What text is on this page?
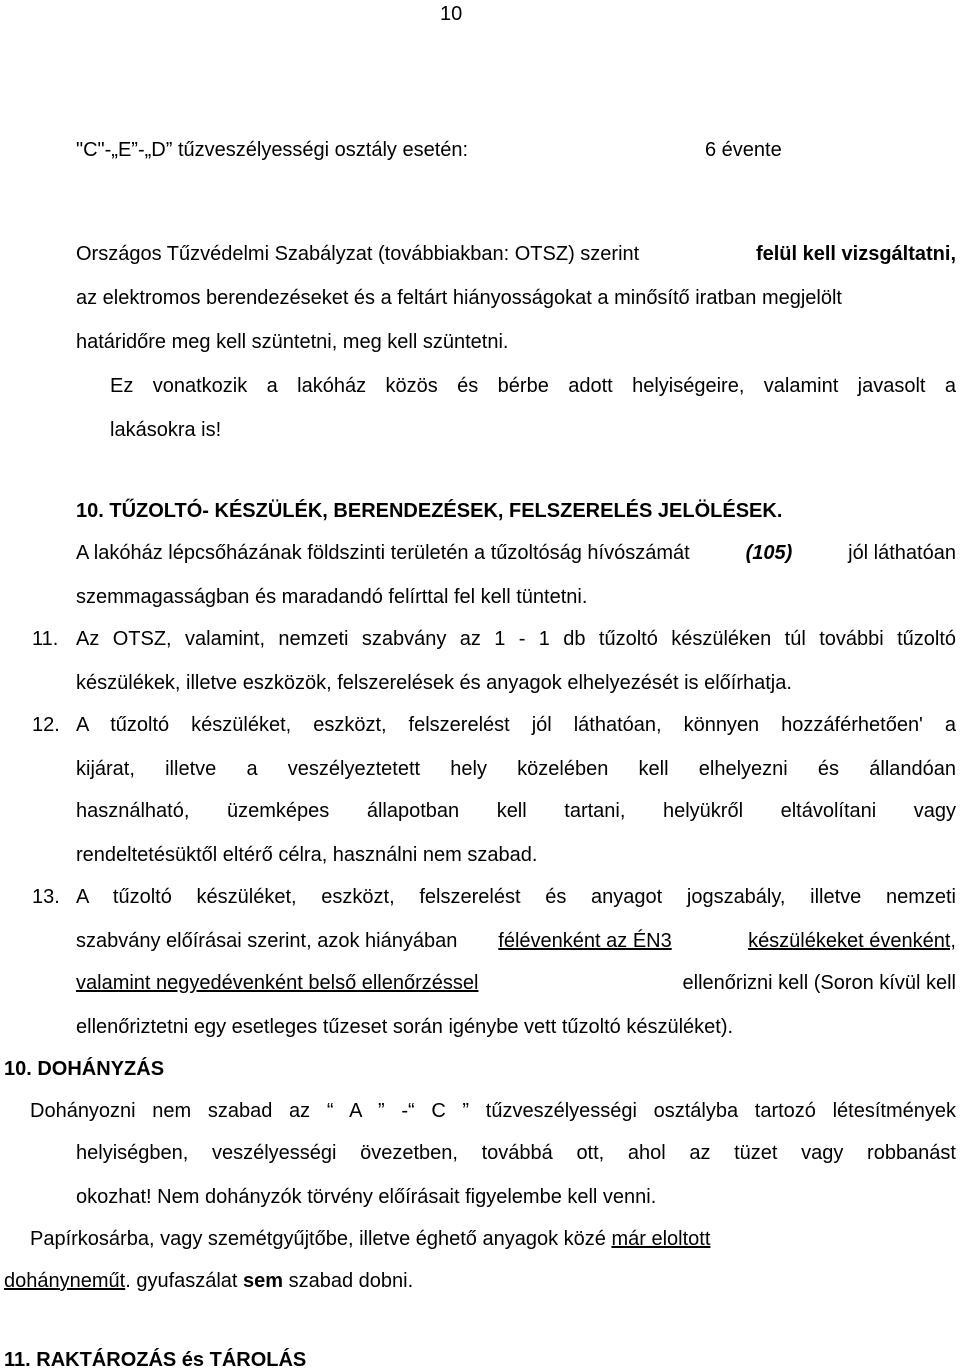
10
"C"-„E”-„D” tűzveszélyességi osztály esetén:	6 évente
Országos Tűzvédelmi Szabályzat (továbbiakban: OTSZ) szerint	felül kell vizsgáltatni,
az elektromos berendezéseket és a feltárt hiányosságokat a minősítő iratban megjelölt
határidőre meg kell szüntetni, meg kell szüntetni.
Ez vonatkozik a lakóház közös és bérbe adott helyiségeire, valamint javasolt a
lakásokra is!
10. TŰZOLTÓ- KÉSZÜLÉK, BERENDEZÉSEK, FELSZERELÉS JELÖLÉSEK.
A lakóház lépcsőházának földszinti területén a tűzoltóság hívószámát	(105)	jól láthatóan
szemmagasságban és maradandó felírttal fel kell tüntetni.
11. Az OTSZ, valamint, nemzeti szabvány az 1 - 1 db tűzoltó készüléken túl további tűzoltó
készülékek, illetve eszközök, felszerelések és anyagok elhelyezését is előírhatja.
12. A tűzoltó készüléket, eszközt, felszerelést jól láthatóan, könnyen hozzáférhetően' a
kijárat, illetve a veszélyeztetett hely közelében kell elhelyezni és állandóan
használható, üzemképes állapotban kell tartani, helyükről eltávolítani vagy
rendeltetésüktől eltérő célra, használni nem szabad.
13. A tűzoltó készüléket, eszközt, felszerelést és anyagot jogszabály, illetve nemzeti
szabvány előírásai szerint, azok hiányában félévenként az ÉN3
	készülékeket évenként,
valamint negyedévenként belső ellenőrzéssel	ellenőrizni kell (Soron kívül kell
ellenőriztetni egy esetleges tűzeset során igénybe vett tűzoltó készüléket).
10. DOHÁNYZÁS
Dohányozni nem szabad az “ A ” -“ C ” tűzveszélyességi osztályba tartozó létesítmények
helyiségben, veszélyességi övezetben, továbbá ott, ahol az tüzet vagy robbanást
okozhat! Nem dohányzók törvény előírásait figyelembe kell venni.
Papírkosárba, vagy szemétgyűjtőbe, illetve éghető anyagok közé már eloltott
dohányneműt. gyufaszálat sem szabad dobni.
11. RAKTÁROZÁS és TÁROLÁS
